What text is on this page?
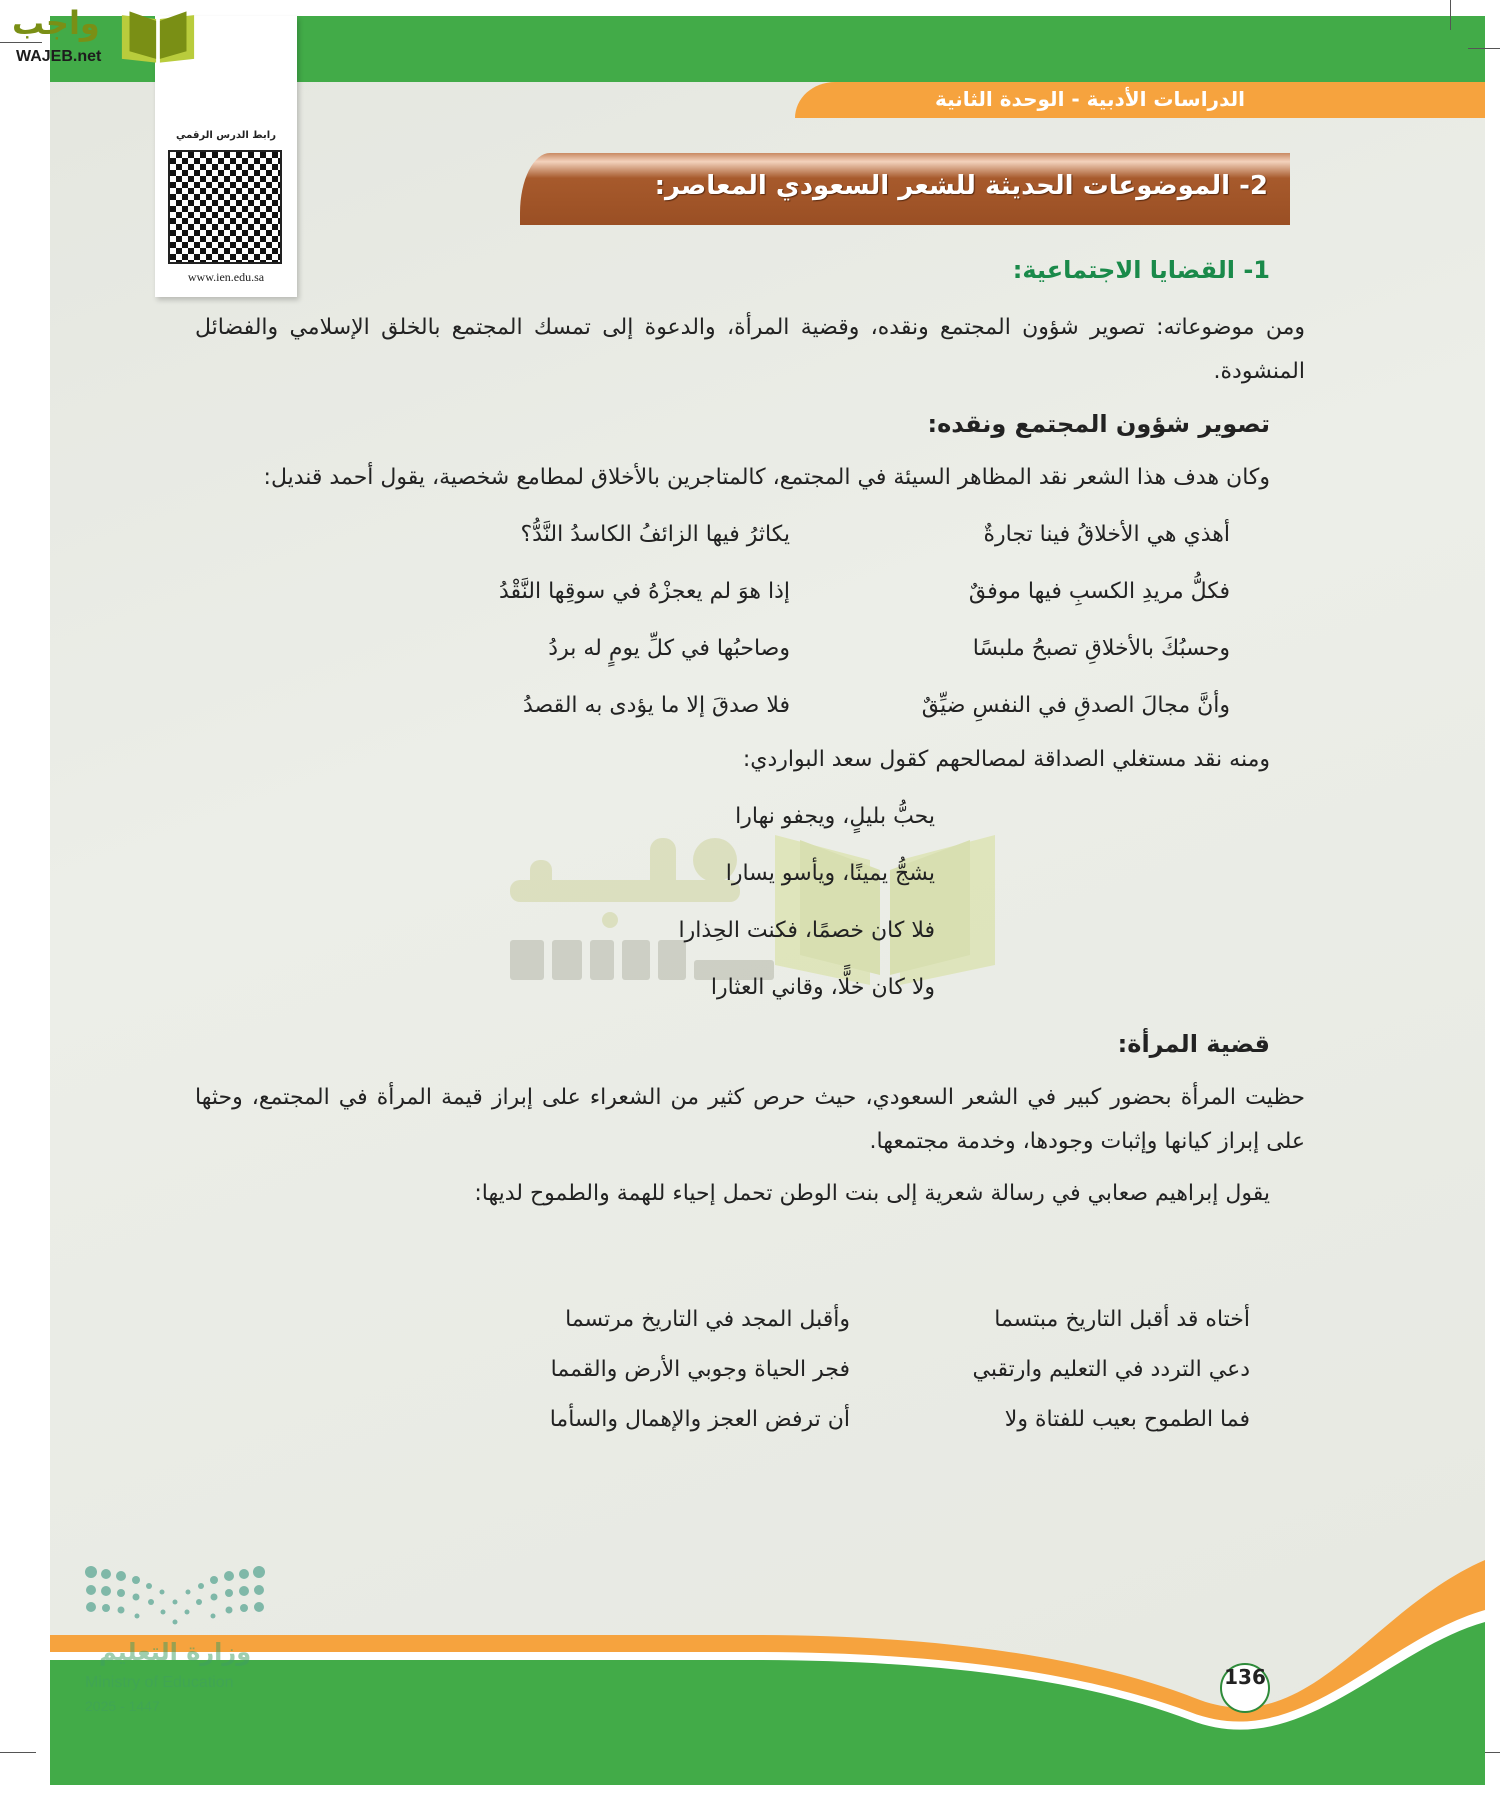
الدراسات الأدبية - الوحدة الثانية
رابط الدرس الرقمي
www.ien.edu.sa
واجب
WAJEB.net
2- الموضوعات الحديثة للشعر السعودي المعاصر:
1- القضايا الاجتماعية:
ومن موضوعاته: تصوير شؤون المجتمع ونقده، وقضية المرأة، والدعوة إلى تمسك المجتمع بالخلق الإسلامي والفضائل المنشودة.
تصوير شؤون المجتمع ونقده:
وكان هدف هذا الشعر نقد المظاهر السيئة في المجتمع، كالمتاجرين بالأخلاق لمطامع شخصية، يقول أحمد قنديل:
أهذي هي الأخلاقُ فينا تجارةٌ
يكاثرُ فيها الزائفُ الكاسدُ النَّدُّ؟
فكلُّ مريدِ الكسبِ فيها موفقٌ
إذا هوَ لم يعجزْهُ في سوقِها النَّقْدُ
وحسبُكَ بالأخلاقِ تصبحُ ملبسًا
وصاحبُها في كلِّ يومٍ له بردُ
وأنَّ مجالَ الصدقِ في النفسِ ضيِّقٌ
فلا صدقَ إلا ما يؤدى به القصدُ
ومنه نقد مستغلي الصداقة لمصالحهم كقول سعد البواردي:
يحبُّ بليلٍ، ويجفو نهارا
يشجُّ يمينًا، ويأسو يسارا
فلا كان خصمًا، فكنت الحِذارا
ولا كان خلًّا، وقاني العثارا
قضية المرأة:
حظيت المرأة بحضور كبير في الشعر السعودي، حيث حرص كثير من الشعراء على إبراز قيمة المرأة في المجتمع، وحثها على إبراز كيانها وإثبات وجودها، وخدمة مجتمعها.
يقول إبراهيم صعابي في رسالة شعرية إلى بنت الوطن تحمل إحياء للهمة والطموح لديها:
أختاه قد أقبل التاريخ مبتسما
وأقبل المجد في التاريخ مرتسما
دعي التردد في التعليم وارتقبي
فجر الحياة وجوبي الأرض والقمما
فما الطموح بعيب للفتاة ولا
أن ترفض العجز والإهمال والسأما
وزارة التعليم
Ministry of Education
2025 - 1447
136
